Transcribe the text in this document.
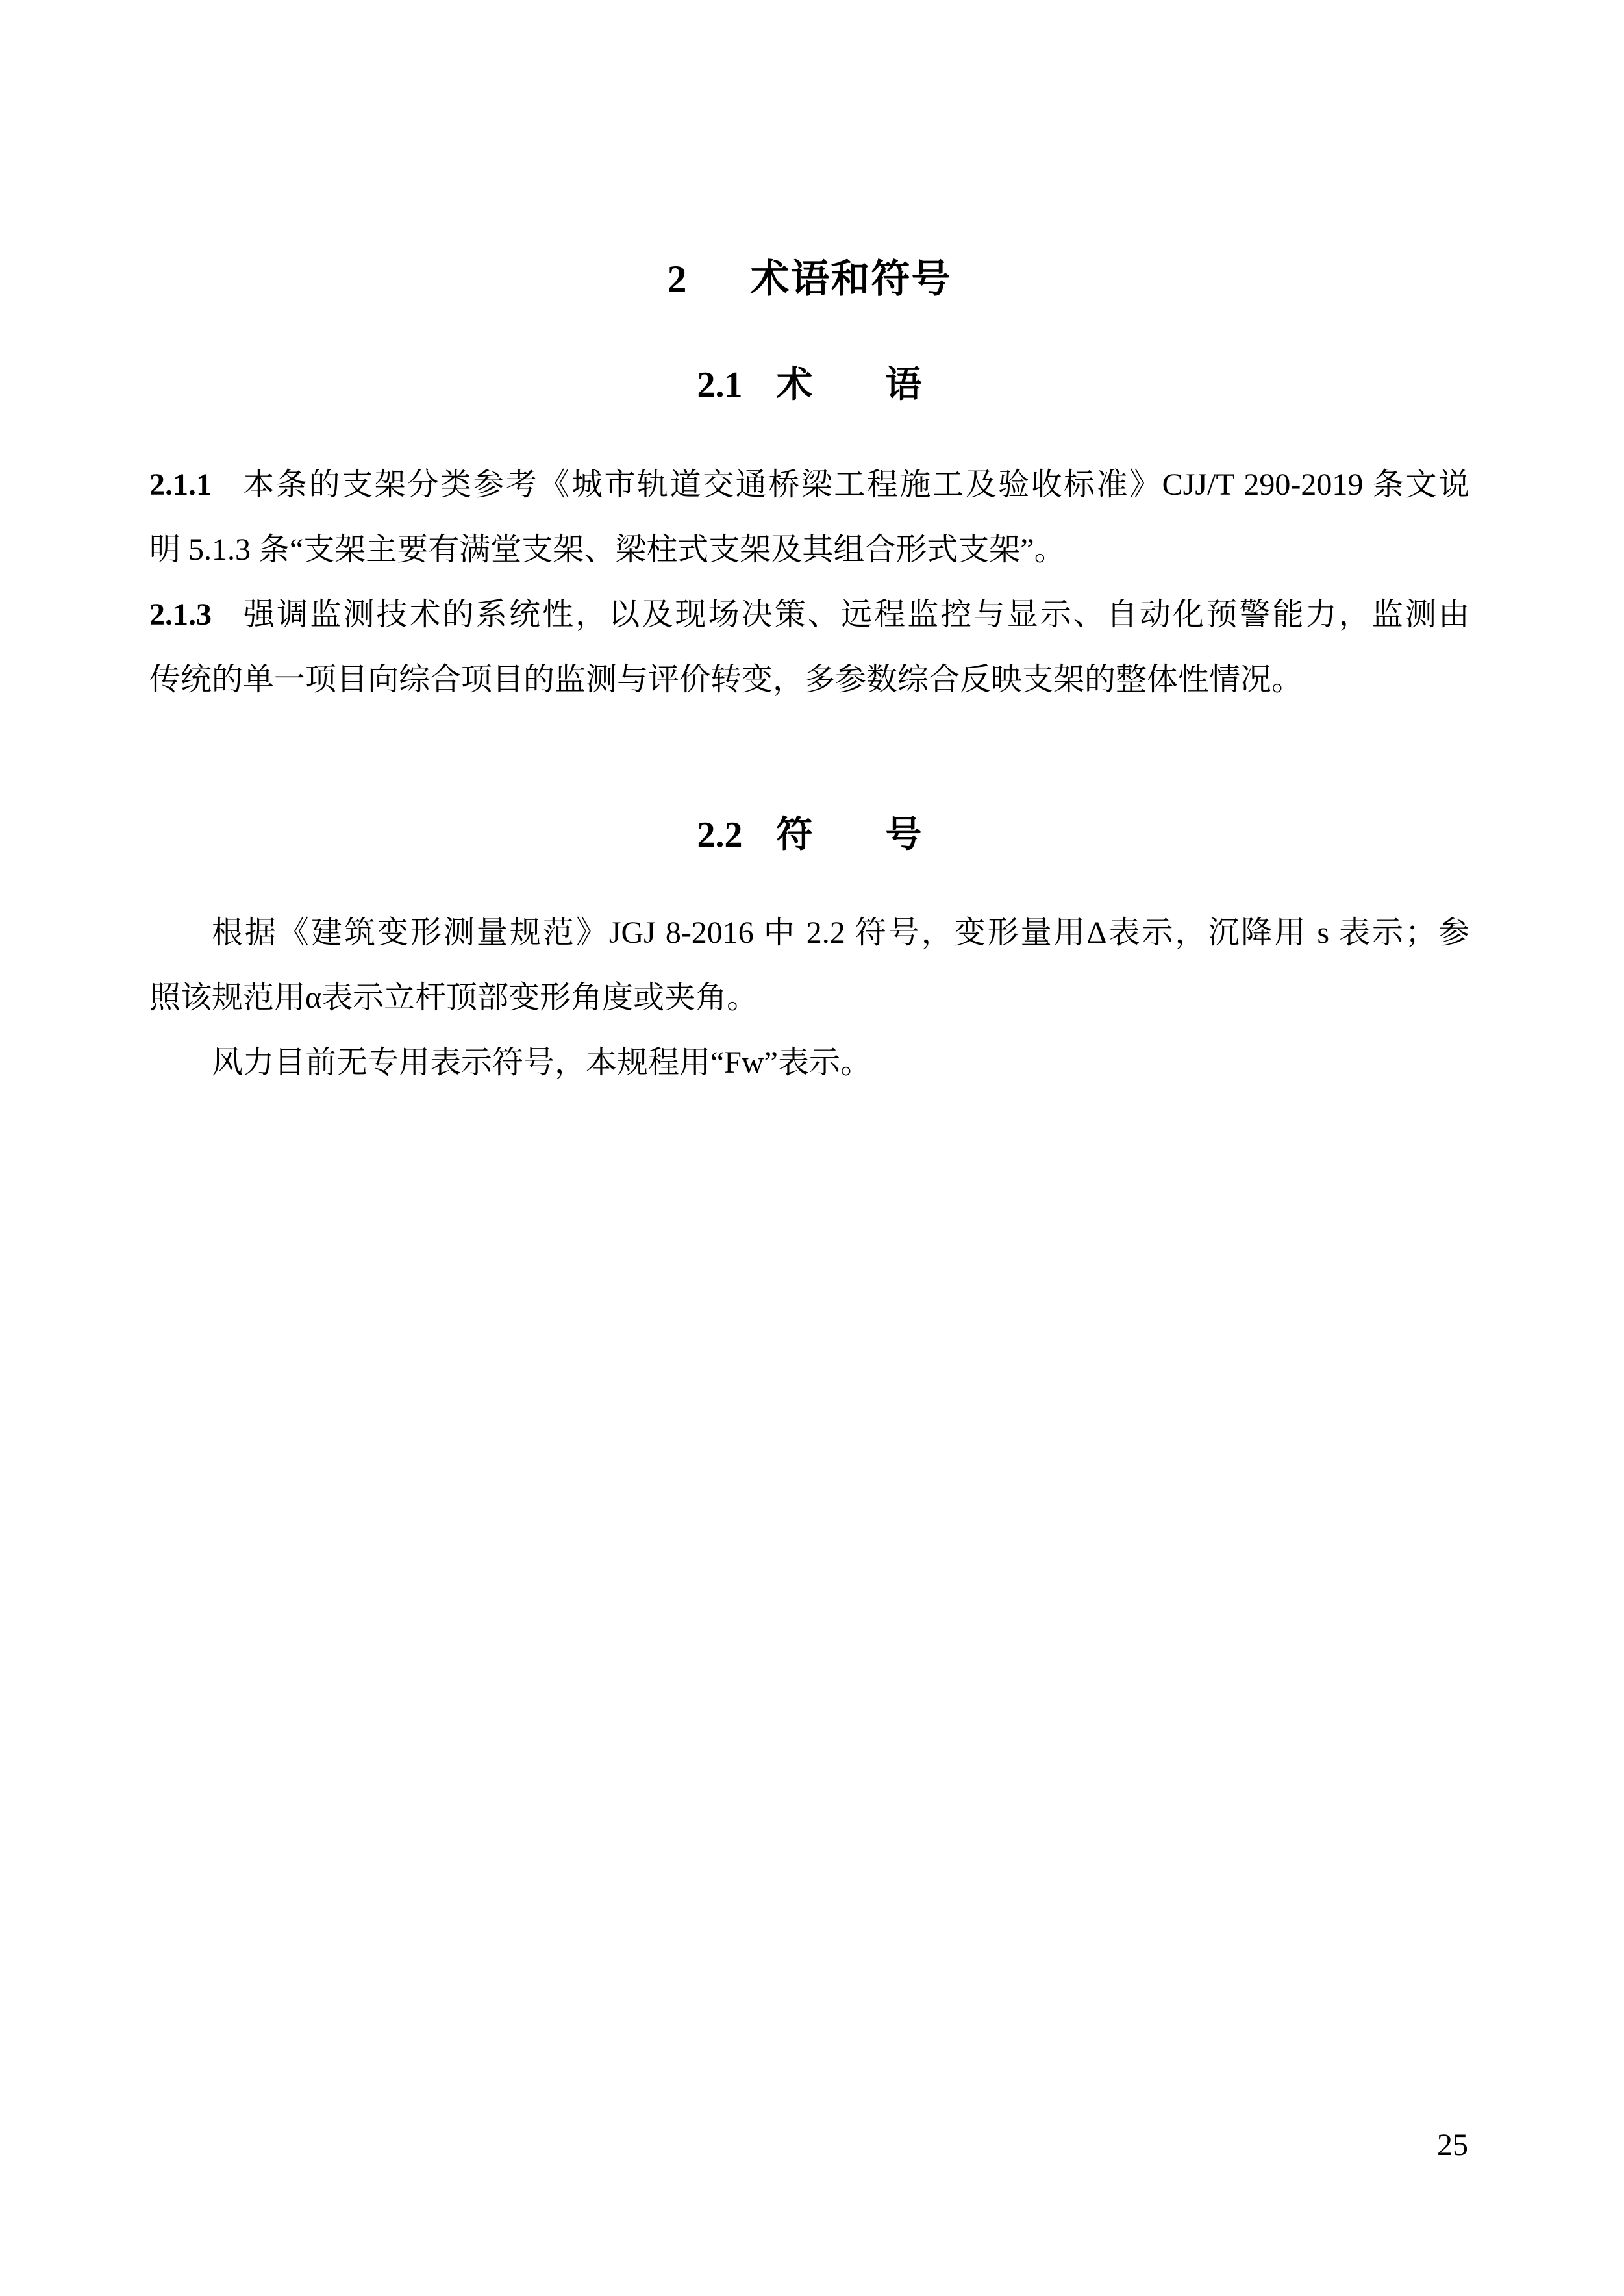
2 术语和符号
2.1 术　　语

2.1.1 本条的支架分类参考《城市轨道交通桥梁工程施工及验收标准》CJJ/T 290-2019 条文说

明 5.1.3 条“支架主要有满堂支架、梁柱式支架及其组合形式支架”。

2.1.3 强调监测技术的系统性，以及现场决策、远程监控与显示、自动化预警能力，监测由

传统的单一项目向综合项目的监测与评价转变，多参数综合反映支架的整体性情况。

2.2 符　　号

根据《建筑变形测量规范》JGJ 8-2016 中 2.2 符号，变形量用Δ表示，沉降用 s 表示；参

照该规范用α表示立杆顶部变形角度或夹角。

风力目前无专用表示符号，本规程用“Fw”表示。

25
